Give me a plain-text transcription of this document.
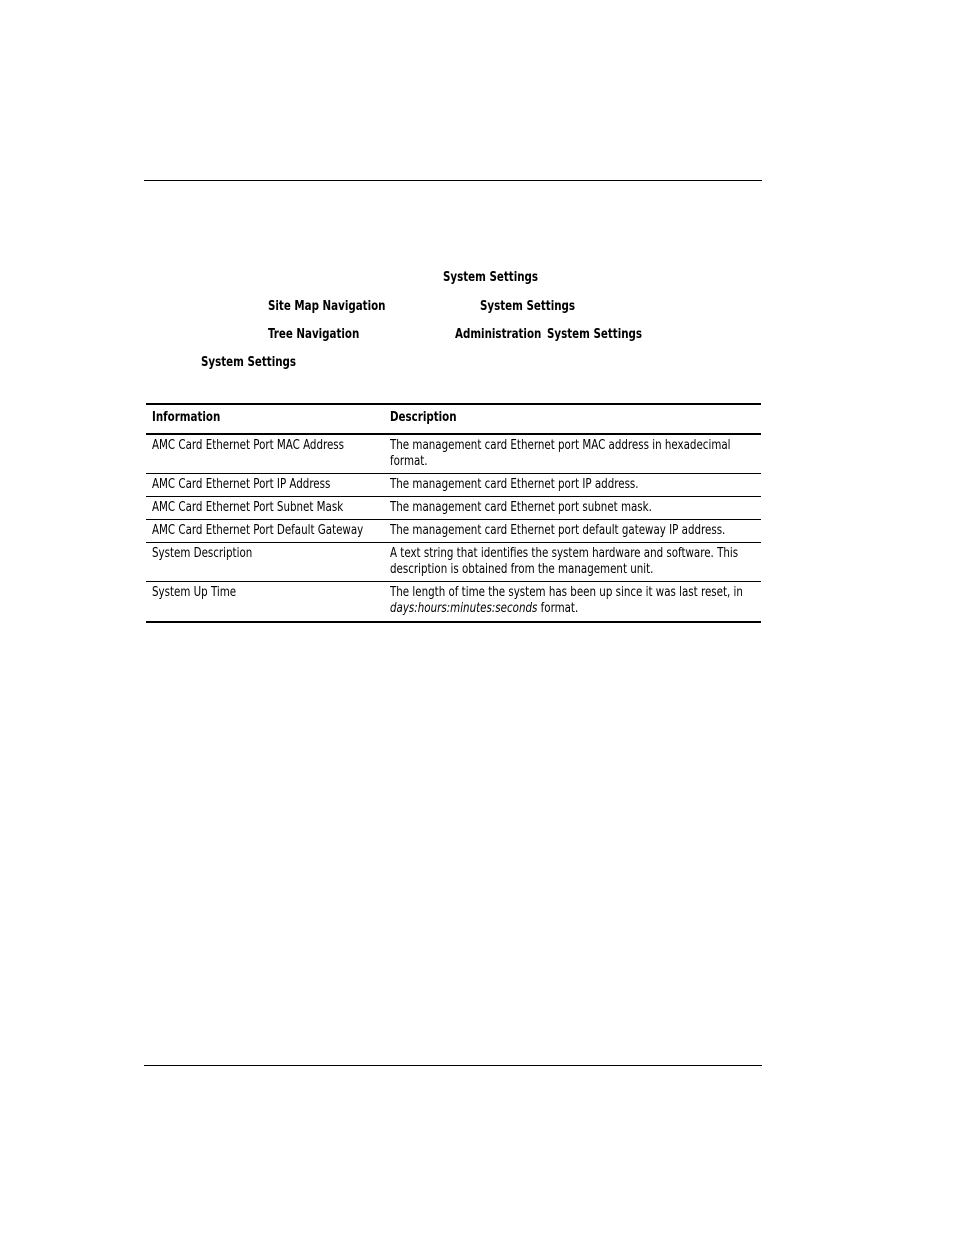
System Settings
Site Map Navigation	System Settings
Tree Navigation	Administration System Settings
System Settings
Information	Description

AMC Card Ethernet Port MAC Address	The management card Ethernet port MAC address in hexadecimal format.

AMC Card Ethernet Port IP Address	The management card Ethernet port IP address.

AMC Card Ethernet Port Subnet Mask	The management card Ethernet port subnet mask.

AMC Card Ethernet Port Default Gateway	The management card Ethernet port default gateway IP address.

System Description	A text string that identifies the system hardware and software. This description is obtained from the management unit.

System Up Time	The length of time the system has been up since it was last reset, in days:hours:minutes:seconds format.
